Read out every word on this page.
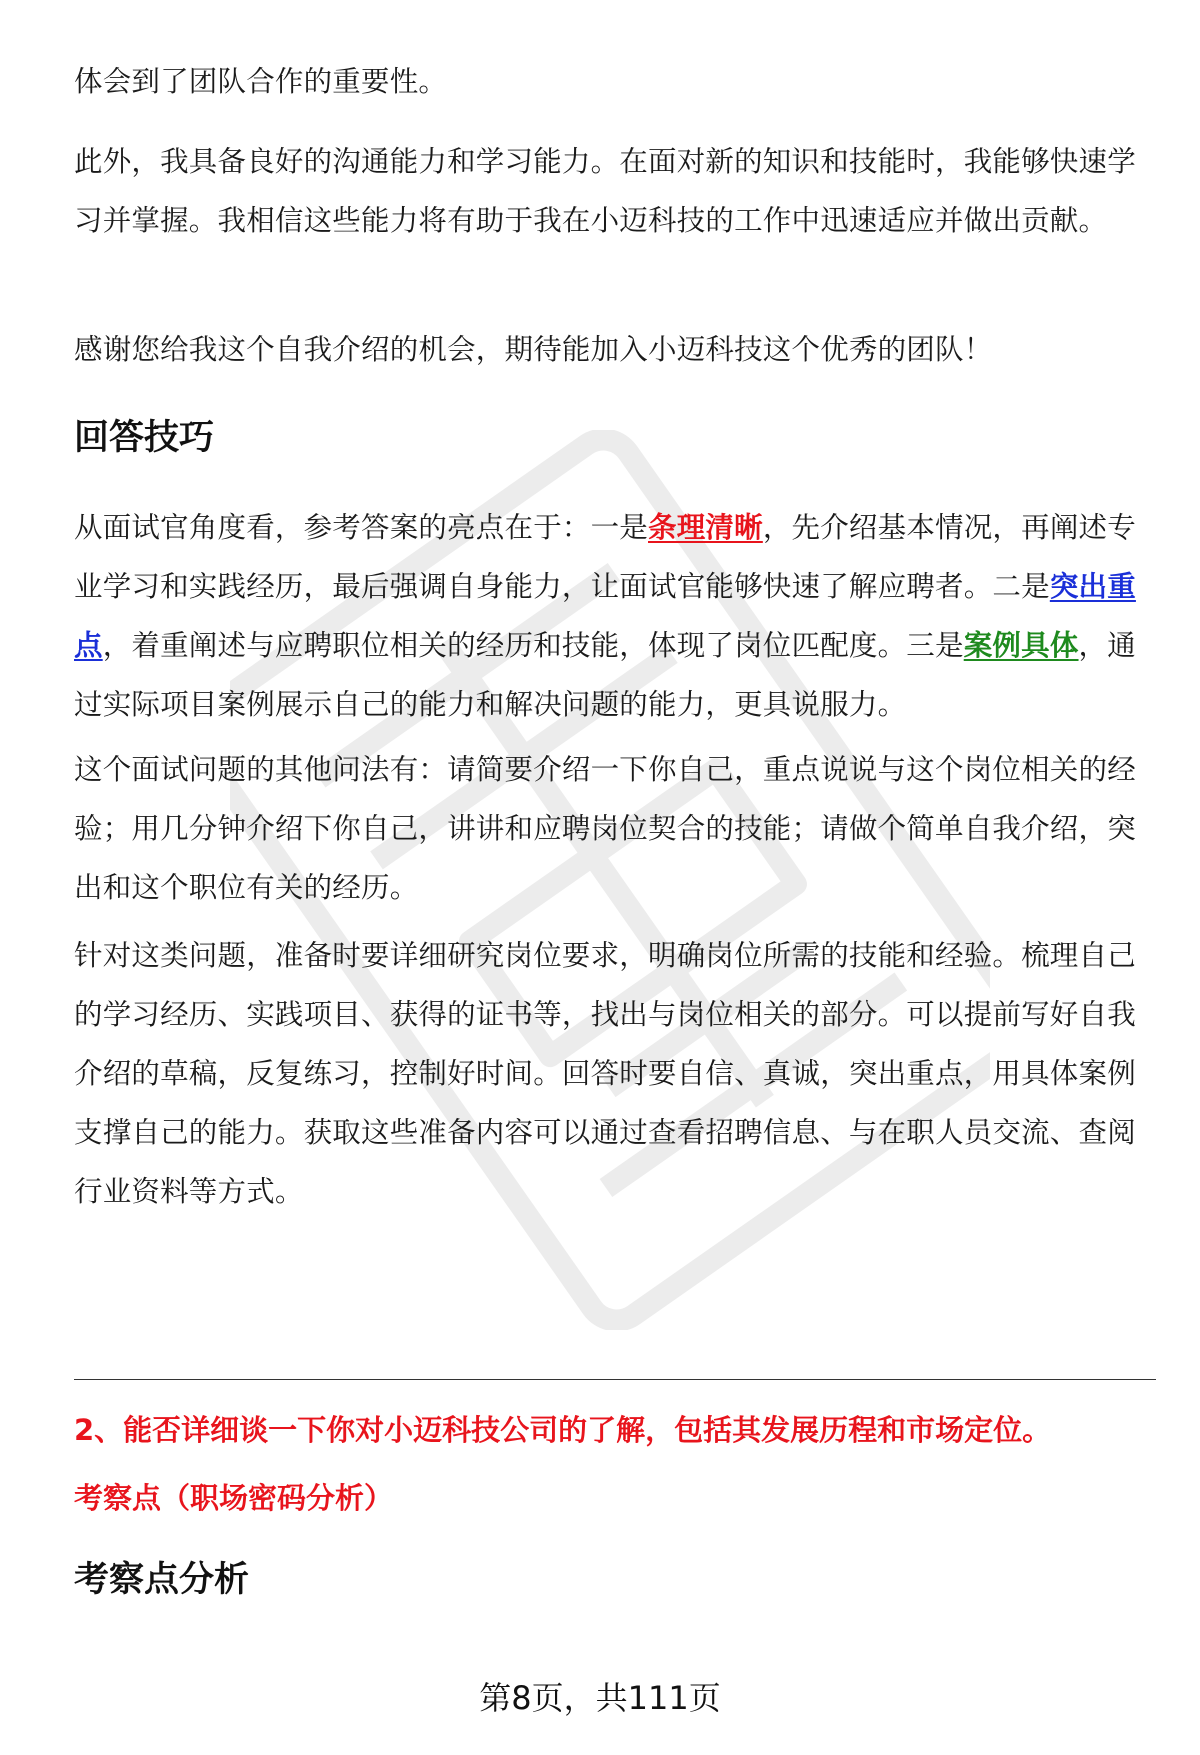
体会到了团队合作的重要性。

此外，我具备良好的沟通能力和学习能力。在面对新的知识和技能时，我能够快速学习并掌握。我相信这些能力将有助于我在小迈科技的工作中迅速适应并做出贡献。

感谢您给我这个自我介绍的机会，期待能加入小迈科技这个优秀的团队！

回答技巧

从面试官角度看，参考答案的亮点在于：一是条理清晰，先介绍基本情况，再阐述专业学习和实践经历，最后强调自身能力，让面试官能够快速了解应聘者。二是突出重点，着重阐述与应聘职位相关的经历和技能，体现了岗位匹配度。三是案例具体，通过实际项目案例展示自己的能力和解决问题的能力，更具说服力。

这个面试问题的其他问法有：请简要介绍一下你自己，重点说说与这个岗位相关的经验；用几分钟介绍下你自己，讲讲和应聘岗位契合的技能；请做个简单自我介绍，突出和这个职位有关的经历。

针对这类问题，准备时要详细研究岗位要求，明确岗位所需的技能和经验。梳理自己的学习经历、实践项目、获得的证书等，找出与岗位相关的部分。可以提前写好自我介绍的草稿，反复练习，控制好时间。回答时要自信、真诚，突出重点，用具体案例支撑自己的能力。获取这些准备内容可以通过查看招聘信息、与在职人员交流、查阅行业资料等方式。

2、能否详细谈一下你对小迈科技公司的了解，包括其发展历程和市场定位。
考察点（职场密码分析）
考察点分析
第8页，共111页
